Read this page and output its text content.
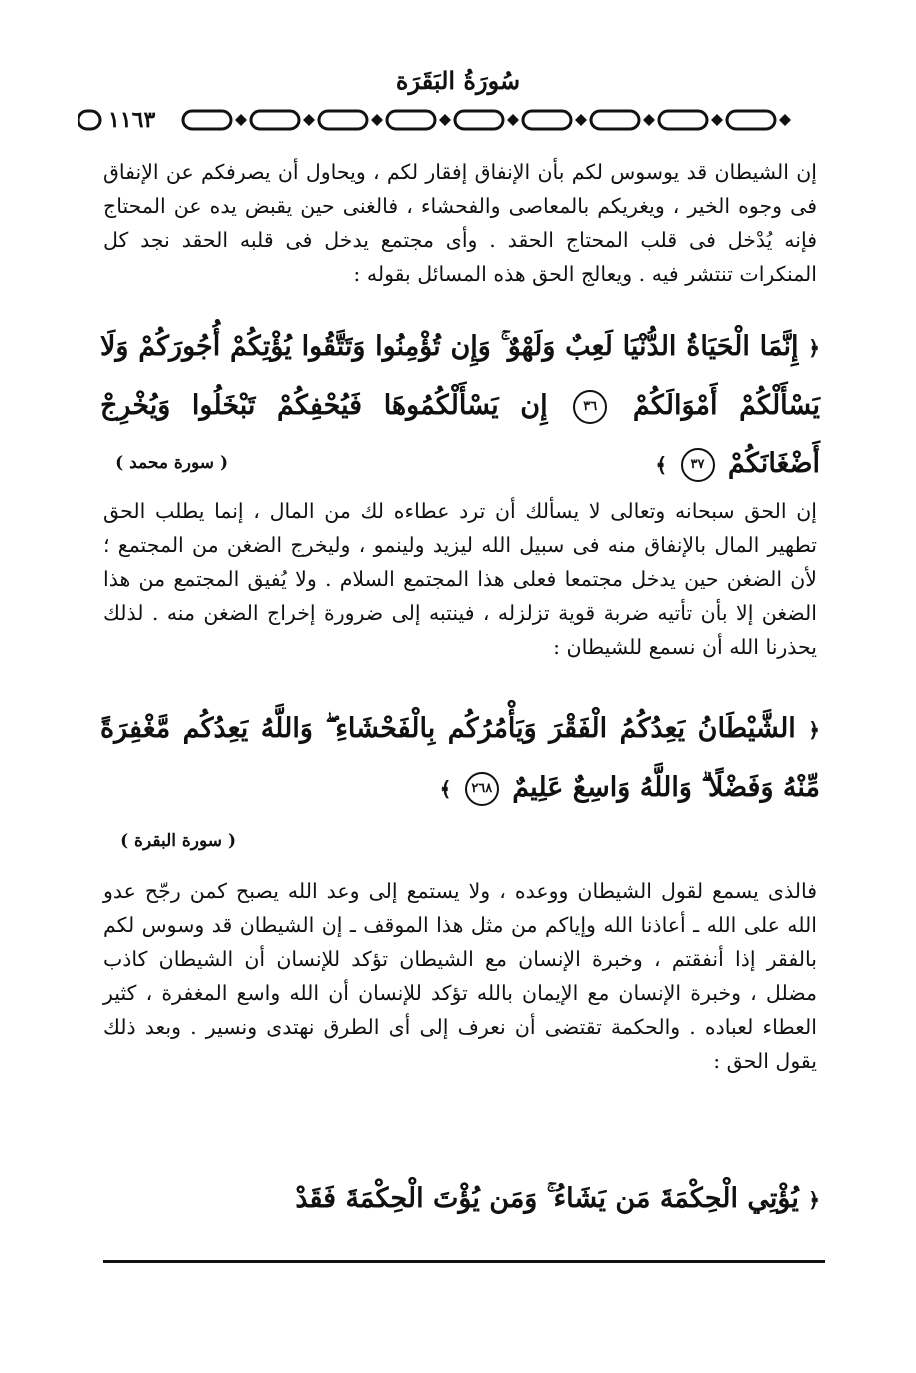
سُورَةُ البَقَرَة
١١٦٣

إن الشيطان قد يوسوس لكم بأن الإنفاق إفقار لكم ، ويحاول أن يصرفكم عن الإنفاق فى وجوه الخير ، ويغريكم بالمعاصى والفحشاء ، فالغنى حين يقبض يده عن المحتاج فإنه يُدْخل فى قلب المحتاج الحقد . وأى مجتمع يدخل فى قلبه الحقد نجد كل المنكرات تنتشر فيه . ويعالج الحق هذه المسائل بقوله :

﴿ إِنَّمَا الْحَيَاةُ الدُّنْيَا لَعِبٌ وَلَهْوٌ ۚ وَإِن تُؤْمِنُوا وَتَتَّقُوا يُؤْتِكُمْ أُجُورَكُمْ وَلَا يَسْأَلْكُمْ أَمْوَالَكُمْ ٣٦ إِن يَسْأَلْكُمُوهَا فَيُحْفِكُمْ تَبْخَلُوا وَيُخْرِجْ أَضْغَانَكُمْ ٣٧ ﴾

( سورة محمد )

إن الحق سبحانه وتعالى لا يسألك أن ترد عطاءه لك من المال ، إنما يطلب الحق تطهير المال بالإنفاق منه فى سبيل الله ليزيد ولينمو ، وليخرج الضغن من المجتمع ؛ لأن الضغن حين يدخل مجتمعا فعلى هذا المجتمع السلام . ولا يُفيق المجتمع من هذا الضغن إلا بأن تأتيه ضربة قوية تزلزله ، فينتبه إلى ضرورة إخراج الضغن منه . لذلك يحذرنا الله أن نسمع للشيطان :

﴿ الشَّيْطَانُ يَعِدُكُمُ الْفَقْرَ وَيَأْمُرُكُم بِالْفَحْشَاءِ ۖ وَاللَّهُ يَعِدُكُم مَّغْفِرَةً مِّنْهُ وَفَضْلًا ۗ وَاللَّهُ وَاسِعٌ عَلِيمٌ ٢٦٨ ﴾

( سورة البقرة )

فالذى يسمع لقول الشيطان ووعده ، ولا يستمع إلى وعد الله يصبح كمن رجّح عدو الله على الله ـ أعاذنا الله وإياكم من مثل هذا الموقف ـ إن الشيطان قد وسوس لكم بالفقر إذا أنفقتم ، وخبرة الإنسان مع الشيطان تؤكد للإنسان أن الشيطان كاذب مضلل ، وخبرة الإنسان مع الإيمان بالله تؤكد للإنسان أن الله واسع المغفرة ، كثير العطاء لعباده . والحكمة تقتضى أن نعرف إلى أى الطرق نهتدى ونسير . وبعد ذلك يقول الحق :

﴿ يُؤْتِي الْحِكْمَةَ مَن يَشَاءُ ۚ وَمَن يُؤْتَ الْحِكْمَةَ فَقَدْ
